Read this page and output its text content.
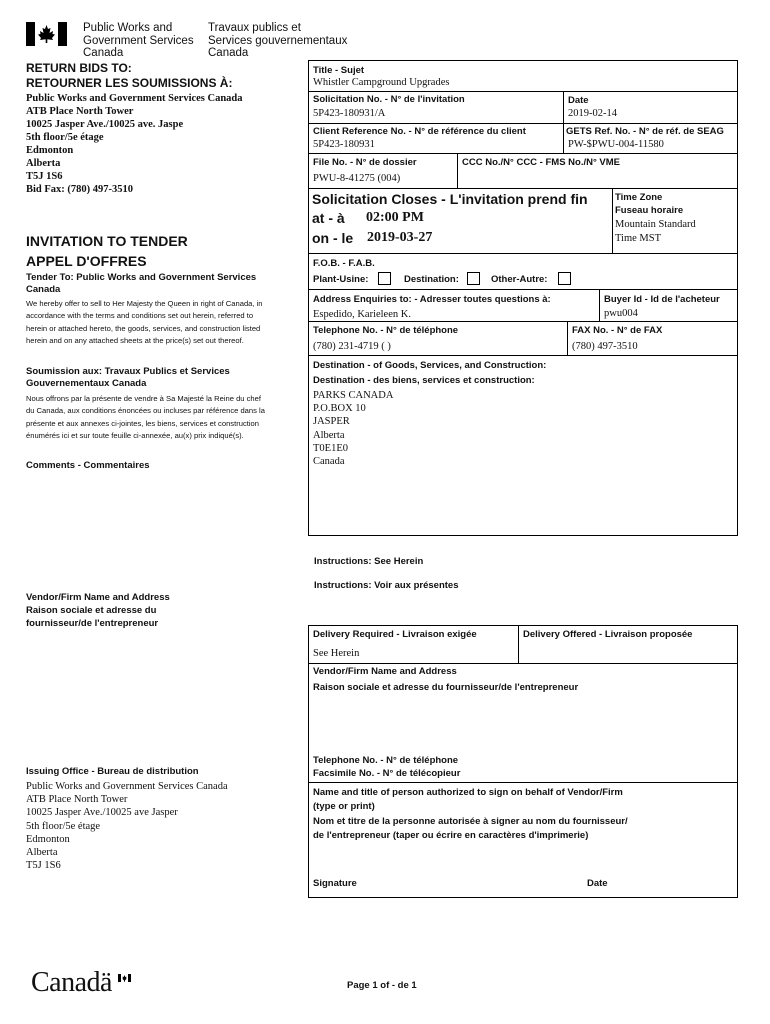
Public Works and
Government Services
Canada
Travaux publics et
Services gouvernementaux
Canada
RETURN BIDS TO:
RETOURNER LES SOUMISSIONS À:
Public Works and Government Services Canada
ATB Place North Tower
10025 Jasper Ave./10025 ave. Jaspe
5th floor/5e étage
Edmonton
Alberta
T5J 1S6
Bid Fax: (780) 497-3510
INVITATION TO TENDER
APPEL D'OFFRES
Tender To: Public Works and Government Services Canada
We hereby offer to sell to Her Majesty the Queen in right of Canada, in accordance with the terms and conditions set out herein, referred to herein or attached hereto, the goods, services, and construction listed herein and on any attached sheets at the price(s) set out thereof.
Soumission aux: Travaux Publics et Services Gouvernementaux Canada
Nous offrons par la présente de vendre à Sa Majesté la Reine du chef du Canada, aux conditions énoncées ou incluses par référence dans la présente et aux annexes ci-jointes, les biens, services et construction énumérés ici et sur toute feuille ci-annexée, au(x) prix indiqué(s).
Comments - Commentaires
Vendor/Firm Name and Address
Raison sociale et adresse du
fournisseur/de l'entrepreneur
Issuing Office - Bureau de distribution
Public Works and Government Services Canada
ATB Place North Tower
10025 Jasper Ave./10025 ave Jasper
5th floor/5e étage
Edmonton
Alberta
T5J 1S6
Title - Sujet
Whistler Campground Upgrades
Solicitation No. - N° de l'invitation
5P423-180931/A
Date
2019-02-14
Client Reference No. - N° de référence du client
5P423-180931
GETS Ref. No. - N° de réf. de SEAG
PW-$PWU-004-11580
File No. - N° de dossier
PWU-8-41275 (004)
CCC No./N° CCC - FMS No./N° VME
Solicitation Closes - L'invitation prend fin
at - à 02:00 PM
on - le 2019-03-27
Time Zone
Fuseau horaire
Mountain Standard
Time MST
F.O.B. - F.A.B.
Plant-Usine:	Destination:	Other-Autre:
Address Enquiries to: - Adresser toutes questions à:
Espedido, Karieleen K.
Buyer Id - Id de l'acheteur
pwu004
Telephone No. - N° de téléphone
(780) 231-4719 ( )
FAX No. - N° de FAX
(780) 497-3510
Destination - of Goods, Services, and Construction:
Destination - des biens, services et construction:
PARKS CANADA
P.O.BOX 10
JASPER
Alberta
T0E1E0
Canada
Instructions: See Herein
Instructions: Voir aux présentes
Delivery Required - Livraison exigée
See Herein
Delivery Offered - Livraison proposée
Vendor/Firm Name and Address
Raison sociale et adresse du fournisseur/de l'entrepreneur
Telephone No. - N° de téléphone
Facsimile No. - N° de télécopieur
Name and title of person authorized to sign on behalf of Vendor/Firm
(type or print)
Nom et titre de la personne autorisée à signer au nom du fournisseur/
de l'entrepreneur (taper ou écrire en caractères d'imprimerie)
Signature	Date
Canadä	Page 1 of - de 1
